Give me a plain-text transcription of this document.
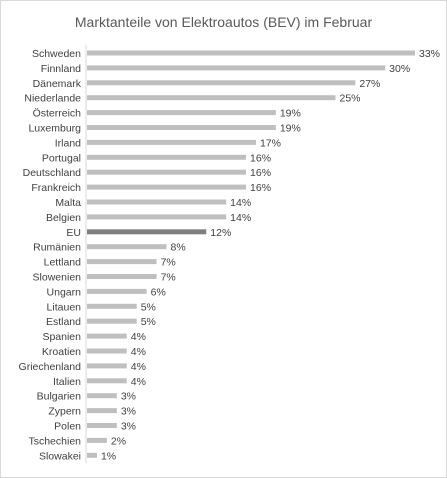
Marktanteile von Elektroautos (BEV) im Februar
Schweden	33%
Finnland	30%
Dänemark	27%
Niederlande	25%
Österreich	19%
Luxemburg	19%
Irland	17%
Portugal	16%
Deutschland	16%
Frankreich	16%
Malta	14%
Belgien	14%
EU	12%
Rumänien	8%
Lettland	7%
Slowenien	7%
Ungarn	6%
Litauen	5%
Estland	5%
Spanien	4%
Kroatien	4%
Griechenland	4%
Italien	4%
Bulgarien	3%
Zypern	3%
Polen	3%
Tschechien	2%
Slowakei 1%
